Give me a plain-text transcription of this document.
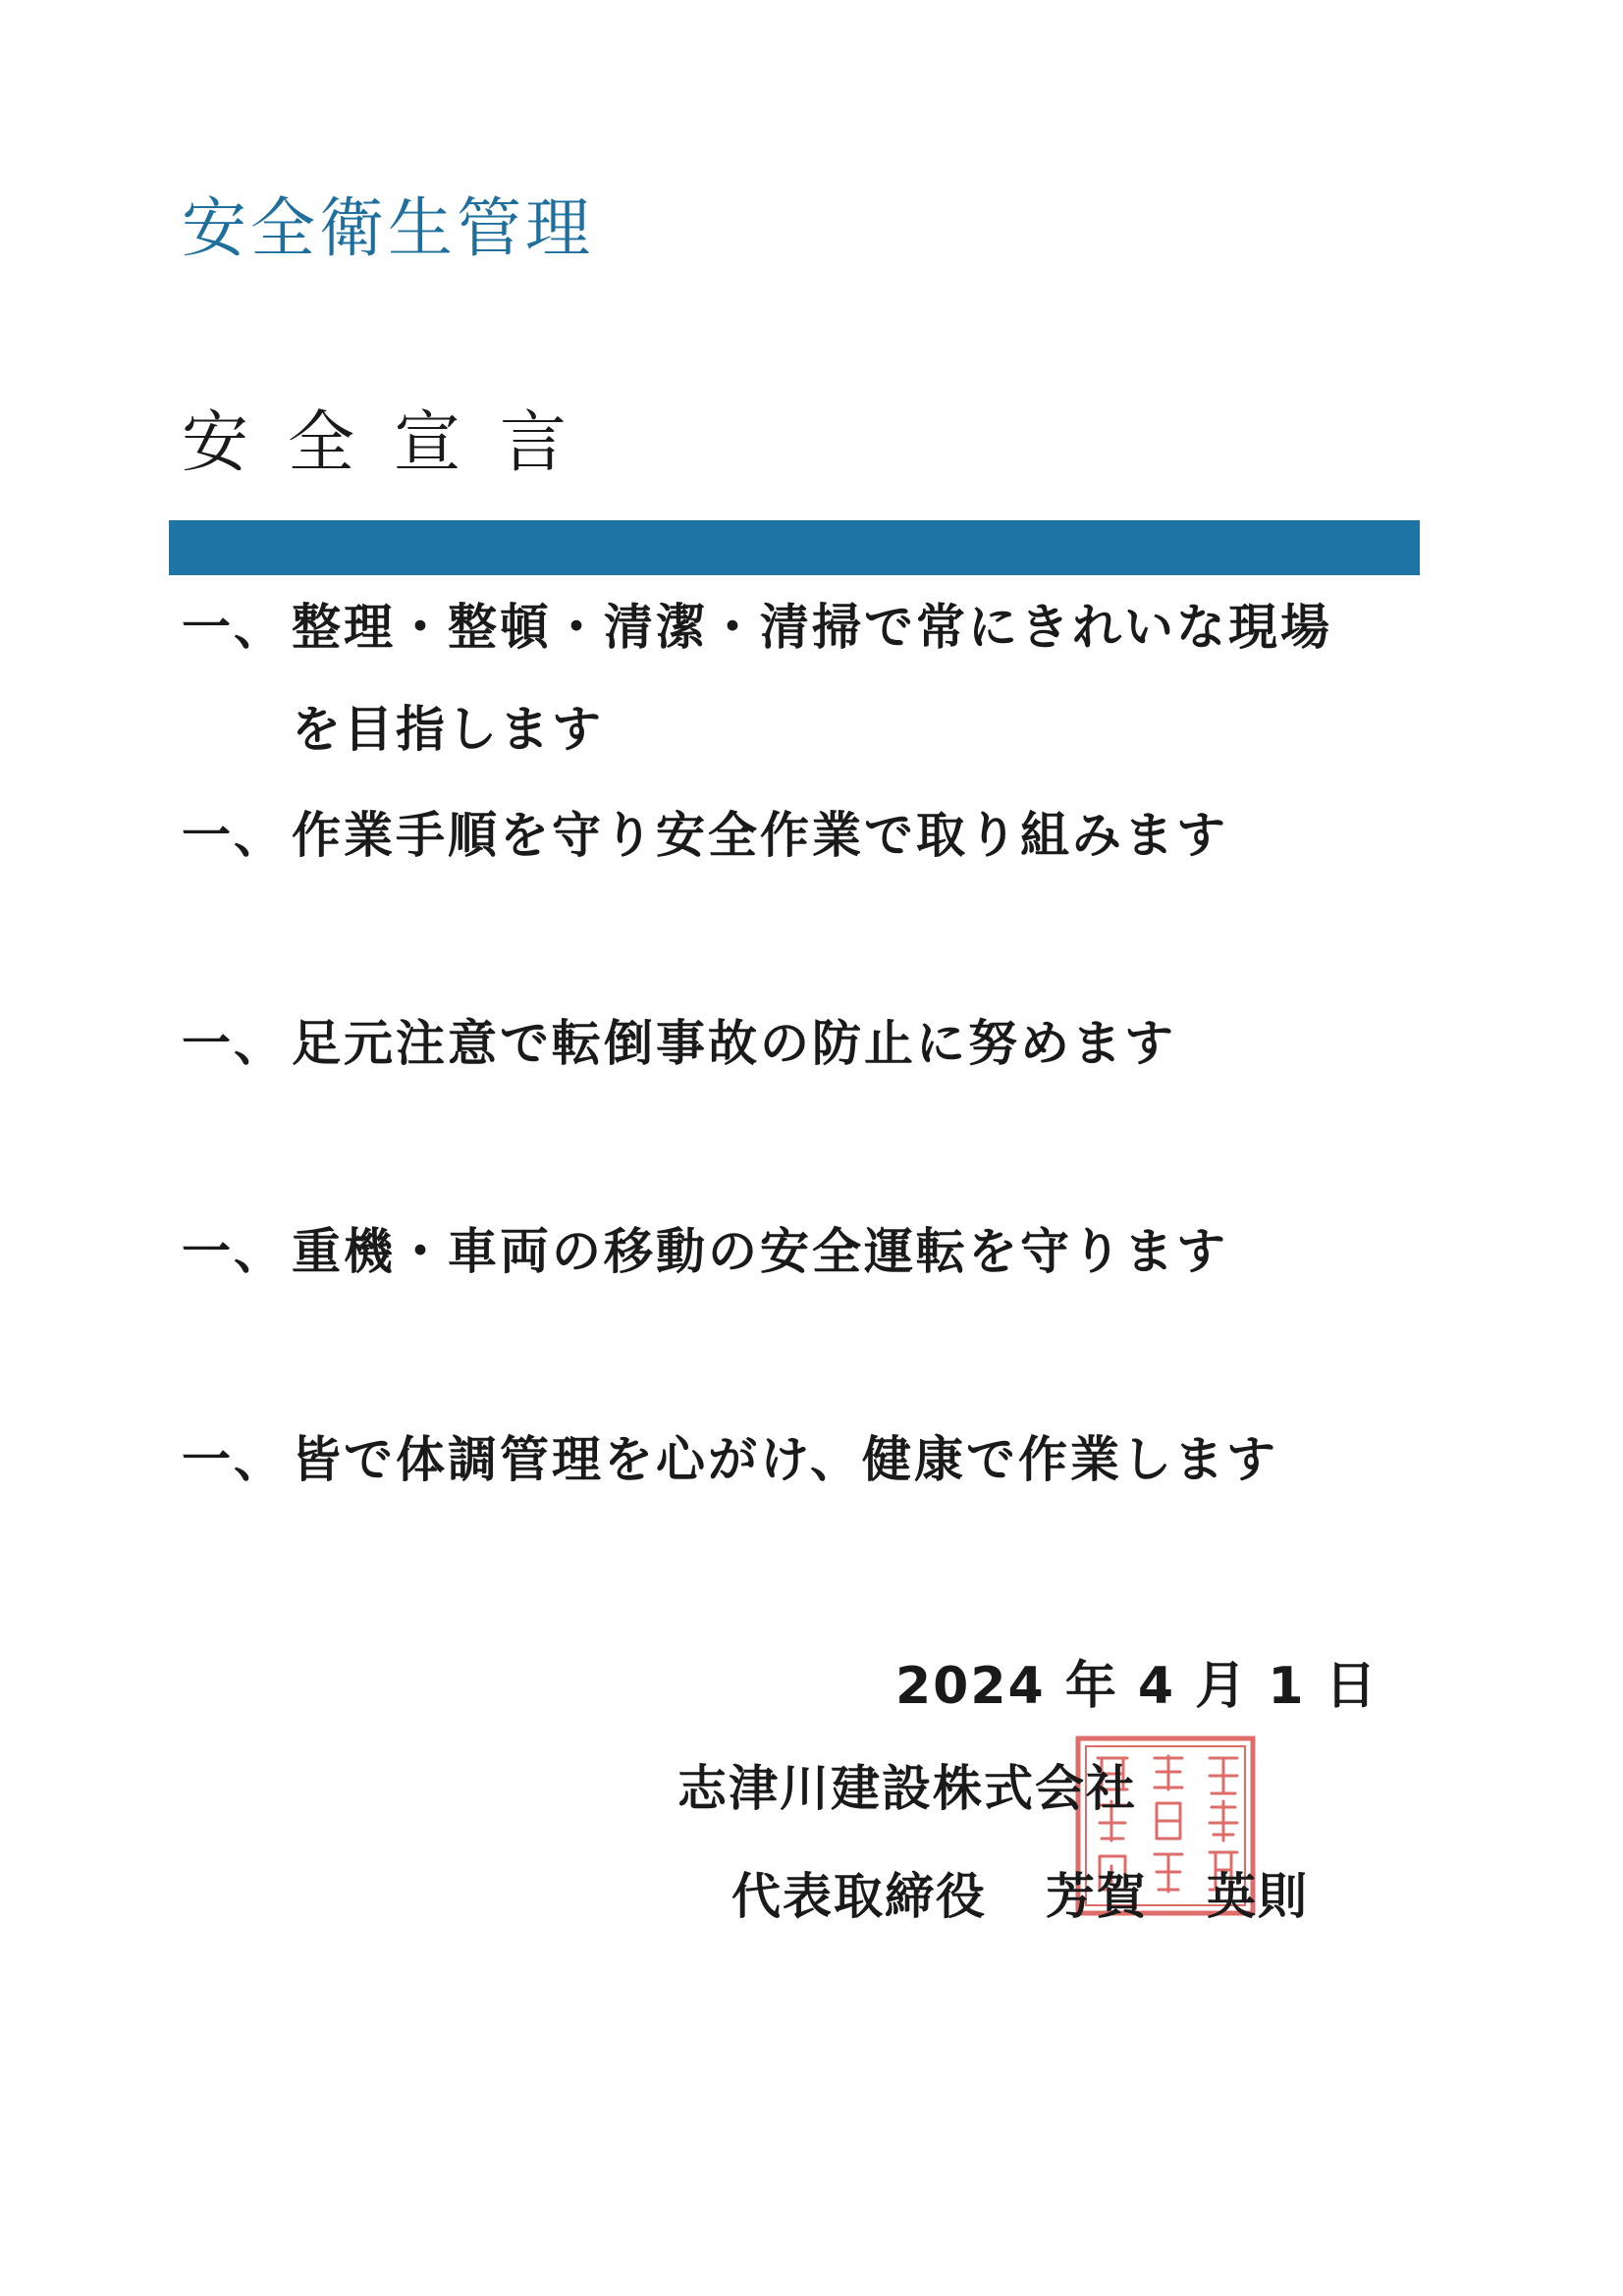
安全衛生管理
安全宣言
一、 整理・整頓・清潔・清掃で常にきれいな現場
を目指します
一、 作業手順を守り安全作業で取り組みます
一、 足元注意で転倒事故の防止に努めます
一、 重機・車両の移動の安全運転を守ります
一、 皆で体調管理を心がけ、健康で作業します
2024 年 4 月 1 日
志津川建設株式会社
代表取締役 芳賀 英則
